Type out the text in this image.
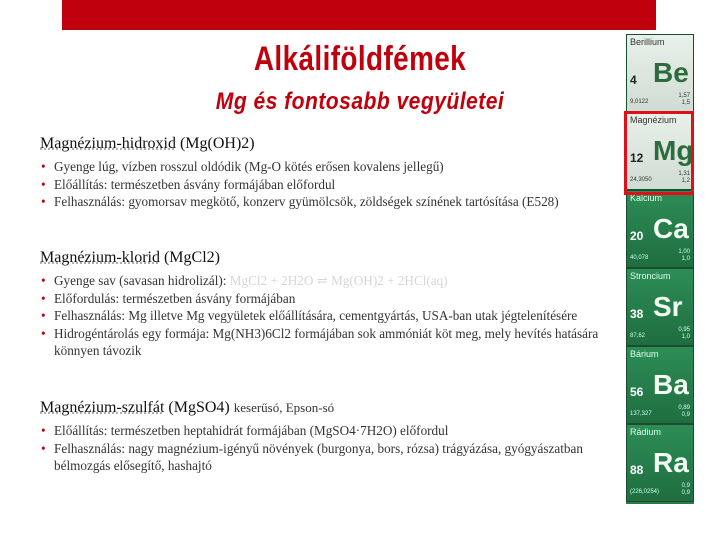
Alkáliföldfémek
Mg és fontosabb vegyületei

Magnézium-hidroxid (Mg(OH)2)

• Gyenge lúg, vízben rosszul oldódik (Mg-O kötés erősen kovalens jellegű)
• Előállítás: természetben ásvány formájában előfordul
• Felhasználás: gyomorsav megkötő, konzerv gyümölcsök, zöldségek színének tartósítása (E528)

Magnézium-klorid (MgCl2)

• Gyenge sav (savasan hidrolizál): MgCl2 + 2H2O ⇌ Mg(OH)2 + 2HCl(aq)
• Előfordulás: természetben ásvány formájában
• Felhasználás: Mg illetve Mg vegyületek előállítására, cementgyártás, USA-ban utak jégtelenítésére
• Hidrogéntárolás egy formája: Mg(NH3)6Cl2 formájában sok ammóniát köt meg, mely hevítés hatására könnyen távozik

Magnézium-szulfát (MgSO4) keserűsó, Epson-só

• Előállítás: természetben heptahidrát formájában (MgSO4·7H2O) előfordul
• Felhasználás: nagy magnézium-igényű növények (burgonya, bors, rózsa) trágyázása, gyógyászatban bélmozgás elősegítő, hashajtó
Berillium
4 Be
9,0122
1,57
1,5
Magnézium
12 Mg
24,3050
1,31
1,2
Kalcium
20 Ca
40,078
1,00
1,0
Stroncium
38 Sr
87,62
0,95
1,0
Bárium
56 Ba
137,327
0,89
0,9
Rádium
88 Ra
(226,0254)
0,9
0,9
